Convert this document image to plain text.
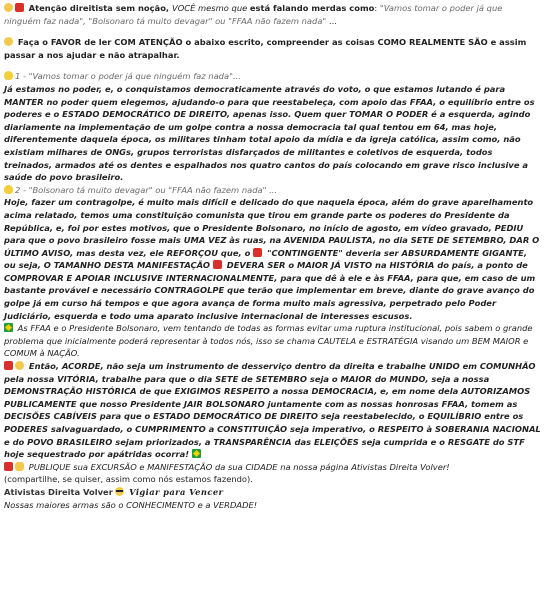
Atenção direitista sem noção, VOCÊ mesmo que está falando merdas como: "Vamos tomar o poder já que ninguém faz nada", "Bolsonaro tá muito devagar" ou "FFAA não fazem nada" ...

Faça o FAVOR de ler COM ATENÇÃO o abaixo escrito, compreender as coisas COMO REALMENTE SÃO e assim passar a nos ajudar e não atrapalhar.

1 - "Vamos tomar o poder já que ninguém faz nada"...

Já estamos no poder, e, o conquistamos democraticamente através do voto, o que estamos lutando é para MANTER no poder quem elegemos, ajudando-o para que reestabeleça, com apoio das FFAA, o equilíbrio entre os poderes e o ESTADO DEMOCRÁTICO DE DIREITO, apenas isso. Quem quer TOMAR O PODER é a esquerda, agindo diariamente na implementação de um golpe contra a nossa democracia tal qual tentou em 64, mas hoje, diferentemente daquela época, os militares tinham total apoio da mídia e da igreja católica, assim como, não existiam milhares de ONGs, grupos terroristas disfarçados de militantes e coletivos de esquerda, todos treinados, armados até os dentes e espalhados nos quatro cantos do país colocando em grave risco inclusive a saúde do povo brasileiro.

2 - "Bolsonaro tá muito devagar" ou "FFAA não fazem nada" ...

Hoje, fazer um contragolpe, é muito mais difícil e delicado do que naquela época, além do grave aparelhamento acima relatado, temos uma constituição comunista que tirou em grande parte os poderes do Presidente da República, e, foi por estes motivos, que o Presidente Bolsonaro, no início de agosto, em vídeo gravado, PEDIU para que o povo brasileiro fosse mais UMA VEZ às ruas, na AVENIDA PAULISTA, no dia SETE DE SETEMBRO, DAR O ÚLTIMO AVISO, mas desta vez, ele REFORÇOU que, o "CONTINGENTE" deveria ser ABSURDAMENTE GIGANTE, ou seja, O TAMANHO DESTA MANIFESTAÇÃO DEVERA SER o MAIOR JÁ VISTO na HISTÓRIA do país, a ponto de COMPROVAR E APOIAR INCLUSIVE INTERNACIONALMENTE, para que dê à ele e às FFAA, para que, em caso de um bastante provável e necessário CONTRAGOLPE que terão que implementar em breve, diante do grave avanço do golpe já em curso há tempos e que agora avança de forma muito mais agressiva, perpetrado pelo Poder Judiciário, esquerda e todo uma aparato inclusive internacional de interesses escusos.

As FFAA e o Presidente Bolsonaro, vem tentando de todas as formas evitar uma ruptura institucional, pois sabem o grande problema que inicialmente poderá representar à todos nós, isso se chama CAUTELA e ESTRATÉGIA visando um BEM MAIOR e COMUM à NAÇÃO.

Então, ACORDE, não seja um instrumento de desserviço dentro da direita e trabalhe UNIDO em COMUNHÃO pela nossa VITÓRIA, trabalhe para que o dia SETE de SETEMBRO seja o MAIOR do MUNDO, seja a nossa DEMONSTRAÇÃO HISTÓRICA de que EXIGIMOS RESPEITO a nossa DEMOCRACIA, e, em nome dela AUTORIZAMOS PUBLICAMENTE que nosso Presidente JAIR BOLSONARO juntamente com as nossas honrosas FFAA, tomem as DECISÕES CABÍVEIS para que o ESTADO DEMOCRÁTICO DE DIREITO seja reestabelecido, o EQUILÍBRIO entre os PODERES salvaguardado, o CUMPRIMENTO a CONSTITUIÇÃO seja imperativo, o RESPEITO à SOBERANIA NACIONAL e do POVO BRASILEIRO sejam priorizados, a TRANSPARÊNCIA das ELEIÇÕES seja cumprida e o RESGATE do STF hoje sequestrado por apátridas ocorra!

PUBLIQUE sua EXCURSÃO e MANIFESTAÇÃO da sua CIDADE na nossa página Ativistas Direita Volver!

(compartilhe, se quiser, assim como nós estamos fazendo).

Ativistas Direita Volver Vigiar para Vencer

Nossas maiores armas são o CONHECIMENTO e a VERDADE!
